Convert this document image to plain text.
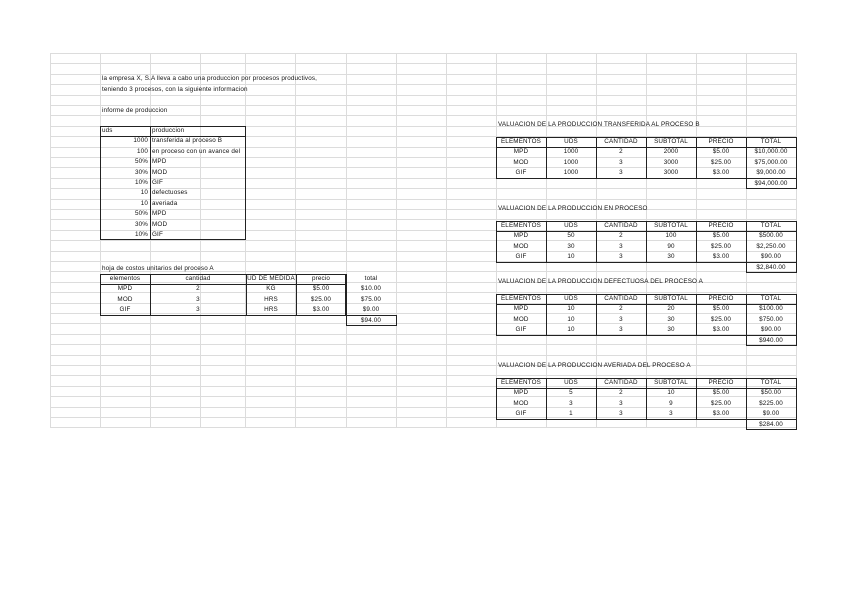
la empresa X, S.A lleva a cabo una produccion por procesos productivos,
teniendo 3 procesos, con la siguiente informacion
informe de produccion
uds	produccion
1000 transferida al proceso B
100 en proceso con un avance del
50% MPD
30% MOD
10% GIF
10 defectuoses
10 averiada
50% MPD
30% MOD
10% GIF
hoja de costos unitarios del proceso A
elementos	cantidad	UD DE MEDIDA	precio	total
MPD	2	KG	$5.00	$10.00
MOD	3	HRS	$25.00	$75.00
GIF	3	HRS	$3.00	$9.00
$94.00
VALUACION DE LA PRODUCCION TRANSFERIDA AL PROCESO B
ELEMENTOS	UDS	CANTIDAD	SUBTOTAL	PRECIO	TOTAL
MPD	1000	2	2000	$5.00	$10,000.00
MOD	1000	3	3000	$25.00	$75,000.00
GIF	1000	3	3000	$3.00	$9,000.00
$94,000.00
VALUACION DE LA PRODUCCION EN PROCESO
ELEMENTOS	UDS	CANTIDAD	SUBTOTAL	PRECIO	TOTAL
MPD	50	2	100	$5.00	$500.00
MOD	30	3	90	$25.00	$2,250.00
GIF	10	3	30	$3.00	$90.00
$2,840.00
VALUACION DE LA PRODUCCION DEFECTUOSA DEL PROCESO A
ELEMENTOS	UDS	CANTIDAD	SUBTOTAL	PRECIO	TOTAL
MPD	10	2	20	$5.00	$100.00
MOD	10	3	30	$25.00	$750.00
GIF	10	3	30	$3.00	$90.00
$940.00
VALUACION DE LA PRODUCCION AVERIADA DEL PROCESO A
ELEMENTOS	UDS	CANTIDAD	SUBTOTAL	PRECIO	TOTAL
MPD	5	2	10	$5.00	$50.00
MOD	3	3	9	$25.00	$225.00
GIF	1	3	3	$3.00	$9.00
$284.00
